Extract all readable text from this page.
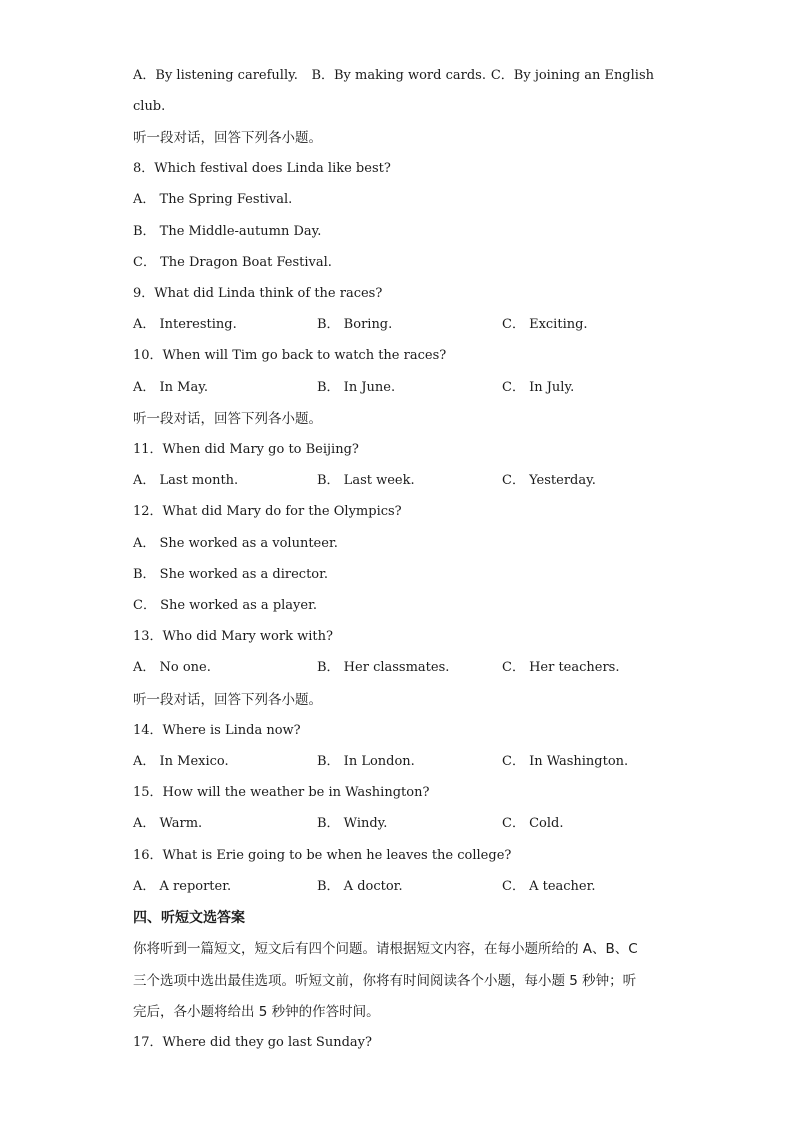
A．By listening carefully.	B．By making word cards. C．By joining an English
club.
听一段对话，回答下列各小题。
8．Which festival does Linda like best?
A． The Spring Festival.
B． The Middle-autumn Day.
C． The Dragon Boat Festival.
9．What did Linda think of the races?
A． Interesting.	B． Boring.	C． Exciting.
10．When will Tim go back to watch the races?
A． In May.	B． In June.	C． In July.
听一段对话，回答下列各小题。
11．When did Mary go to Beijing?
A． Last month.	B． Last week.	C． Yesterday.
12．What did Mary do for the Olympics?
A． She worked as a volunteer.
B． She worked as a director.
C． She worked as a player.
13．Who did Mary work with?
A． No one.	B． Her classmates.	C． Her teachers.
听一段对话，回答下列各小题。
14．Where is Linda now?
A． In Mexico.	B． In London.	C． In Washington.
15．How will the weather be in Washington?
A． Warm.	B． Windy.	C． Cold.
16．What is Erie going to be when he leaves the college?
A． A reporter.	B． A doctor.	C． A teacher.
四、听短文选答案
你将听到一篇短文，短文后有四个问题。请根据短文内容，在每小题所给的 A、B、C
三个选项中选出最佳选项。听短文前，你将有时间阅读各个小题，每小题 5 秒钟；听
完后，各小题将给出 5 秒钟的作答时间。
17．Where did they go last Sunday?
